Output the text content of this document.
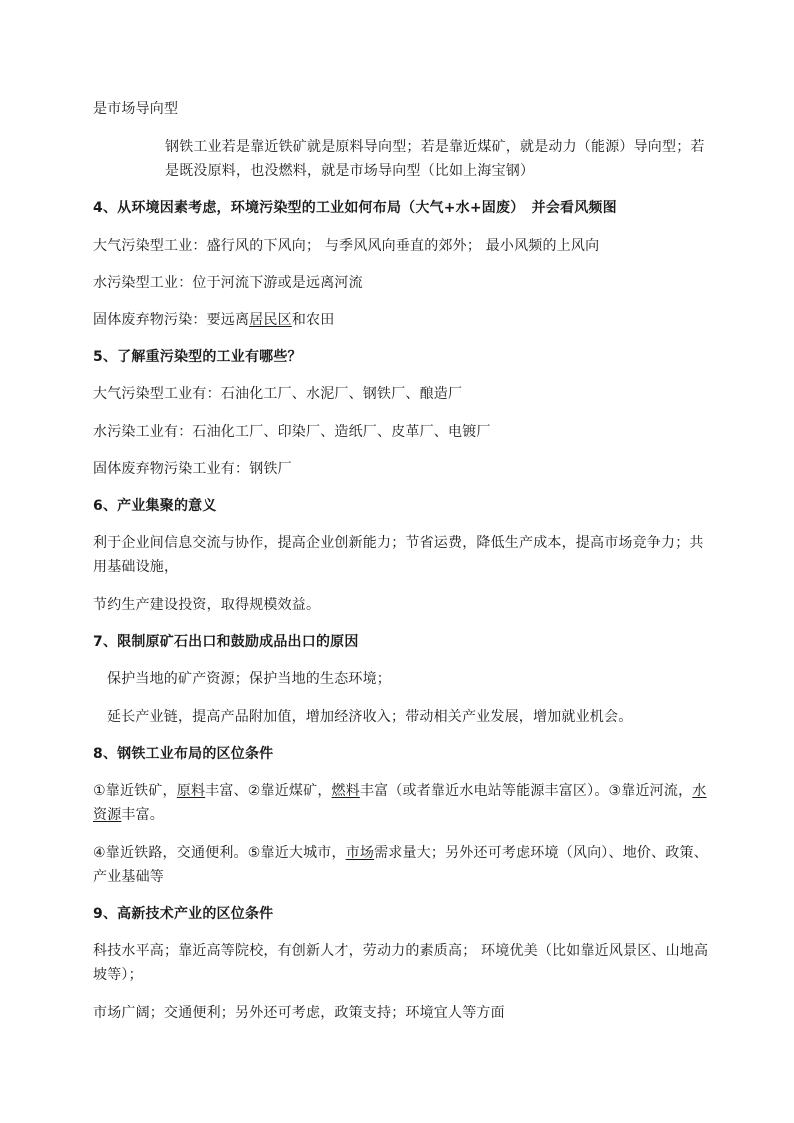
是市场导向型
钢铁工业若是靠近铁矿就是原料导向型；若是靠近煤矿，就是动力（能源）导向型；若
是既没原料，也没燃料，就是市场导向型（比如上海宝钢）
4、从环境因素考虑，环境污染型的工业如何布局（大气+水+固废）　并会看风频图
大气污染型工业：盛行风的下风向； 与季风风向垂直的郊外； 最小风频的上风向
水污染型工业：位于河流下游或是远离河流
固体废弃物污染：要远离居民区和农田
5、了解重污染型的工业有哪些？
大气污染型工业有：石油化工厂、水泥厂、钢铁厂、酿造厂
水污染工业有：石油化工厂、印染厂、造纸厂、皮革厂、电镀厂
固体废弃物污染工业有：钢铁厂
6、产业集聚的意义
利于企业间信息交流与协作，提高企业创新能力；节省运费，降低生产成本，提高市场竞争力；共
用基础设施，
节约生产建设投资，取得规模效益。
7、限制原矿石出口和鼓励成品出口的原因
保护当地的矿产资源；保护当地的生态环境；
延长产业链，提高产品附加值，增加经济收入；带动相关产业发展，增加就业机会。
8、钢铁工业布局的区位条件
①靠近铁矿，原料丰富、②靠近煤矿，燃料丰富（或者靠近水电站等能源丰富区）。③靠近河流，水
资源丰富。
④靠近铁路，交通便利。⑤靠近大城市，市场需求量大；另外还可考虑环境（风向）、地价、政策、
产业基础等
9、高新技术产业的区位条件
科技水平高；靠近高等院校，有创新人才，劳动力的素质高； 环境优美（比如靠近风景区、山地高
坡等）；
市场广阔；交通便利；另外还可考虑，政策支持；环境宜人等方面
